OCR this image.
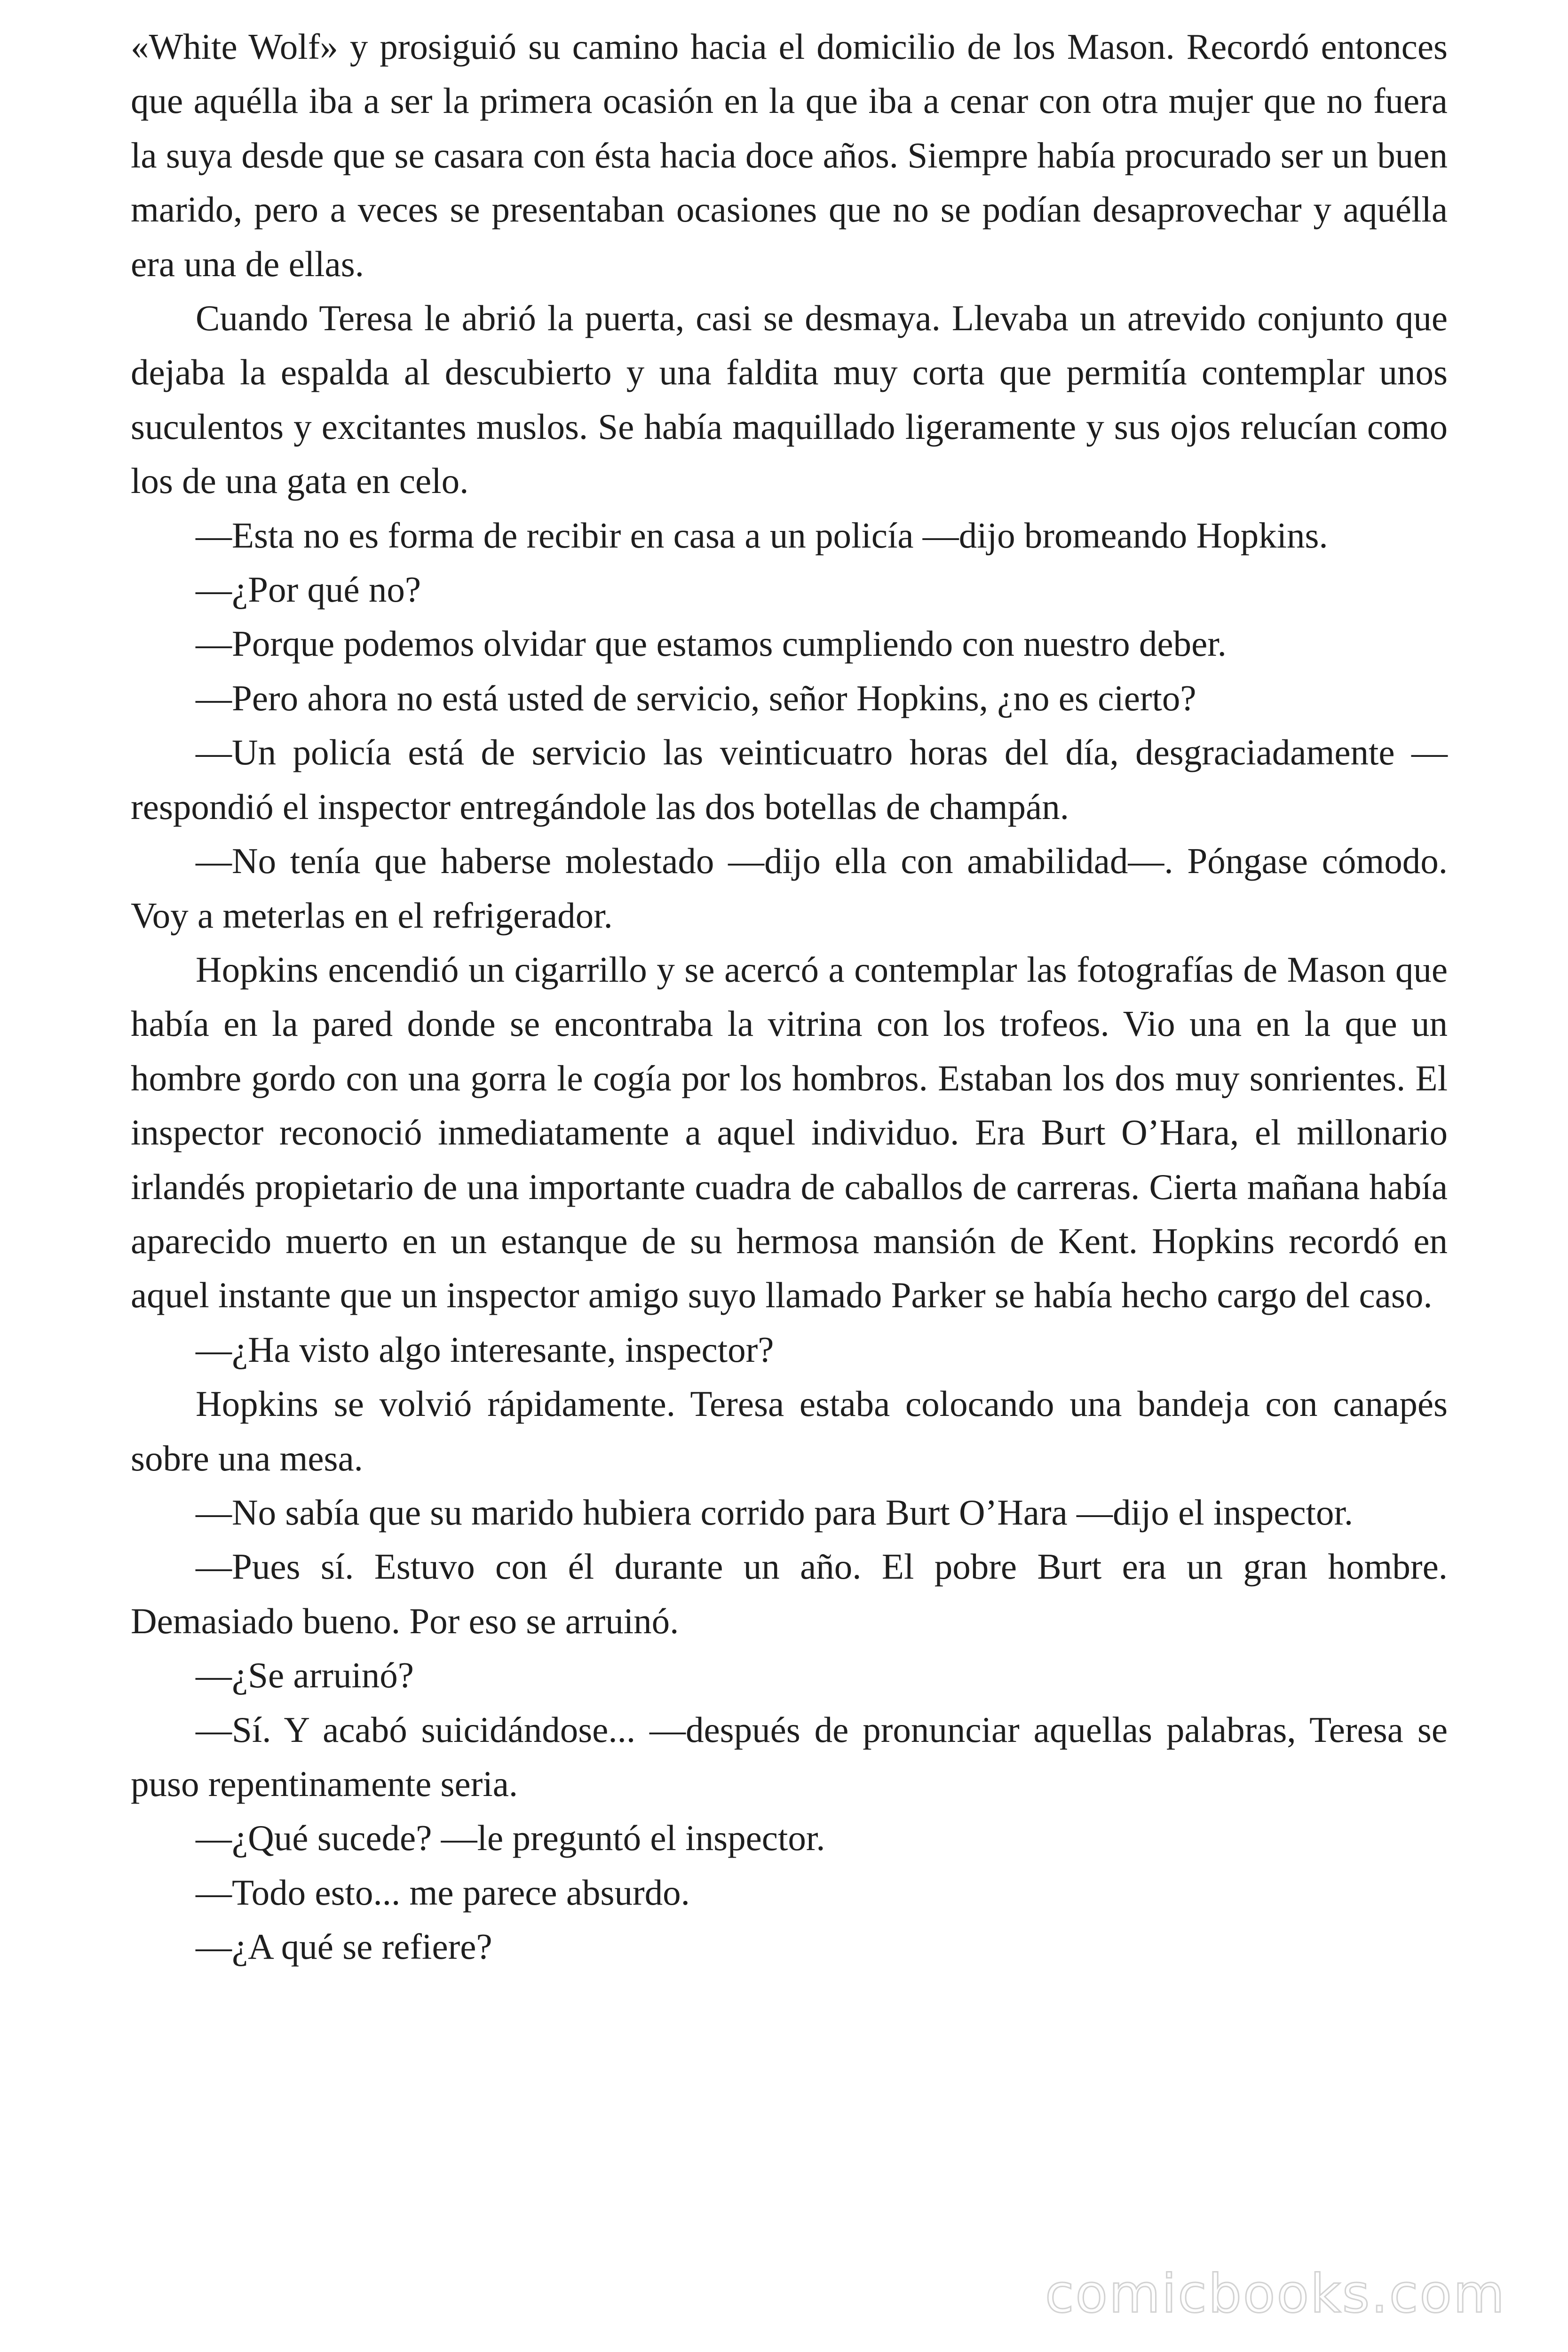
«White Wolf» y prosiguió su camino hacia el domicilio de los Mason. Recordó entonces que aquélla iba a ser la primera ocasión en la que iba a cenar con otra mujer que no fuera la suya desde que se casara con ésta hacia doce años. Siempre había procurado ser un buen marido, pero a veces se presentaban ocasiones que no se podían desaprovechar y aquélla era una de ellas.

Cuando Teresa le abrió la puerta, casi se desmaya. Llevaba un atrevido conjunto que dejaba la espalda al descubierto y una faldita muy corta que permitía contemplar unos suculentos y excitantes muslos. Se había maquillado ligeramente y sus ojos relucían como los de una gata en celo.

—Esta no es forma de recibir en casa a un policía —dijo bromeando Hopkins.

—¿Por qué no?

—Porque podemos olvidar que estamos cumpliendo con nuestro deber.

—Pero ahora no está usted de servicio, señor Hopkins, ¿no es cierto?

—Un policía está de servicio las veinticuatro horas del día, desgraciadamente —respondió el inspector entregándole las dos botellas de champán.

—No tenía que haberse molestado —dijo ella con amabilidad—. Póngase cómodo. Voy a meterlas en el refrigerador.

Hopkins encendió un cigarrillo y se acercó a contemplar las fotografías de Mason que había en la pared donde se encontraba la vitrina con los trofeos. Vio una en la que un hombre gordo con una gorra le cogía por los hombros. Estaban los dos muy sonrientes. El inspector reconoció inmediatamente a aquel individuo. Era Burt O’Hara, el millonario irlandés propietario de una importante cuadra de caballos de carreras. Cierta mañana había aparecido muerto en un estanque de su hermosa mansión de Kent. Hopkins recordó en aquel instante que un inspector amigo suyo llamado Parker se había hecho cargo del caso.

—¿Ha visto algo interesante, inspector?

Hopkins se volvió rápidamente. Teresa estaba colocando una bandeja con canapés sobre una mesa.

—No sabía que su marido hubiera corrido para Burt O’Hara —dijo el inspector.

—Pues sí. Estuvo con él durante un año. El pobre Burt era un gran hombre. Demasiado bueno. Por eso se arruinó.

—¿Se arruinó?

—Sí. Y acabó suicidándose... —después de pronunciar aquellas palabras, Teresa se puso repentinamente seria.

—¿Qué sucede? —le preguntó el inspector.

—Todo esto... me parece absurdo.

—¿A qué se refiere?

comicbooks.com
